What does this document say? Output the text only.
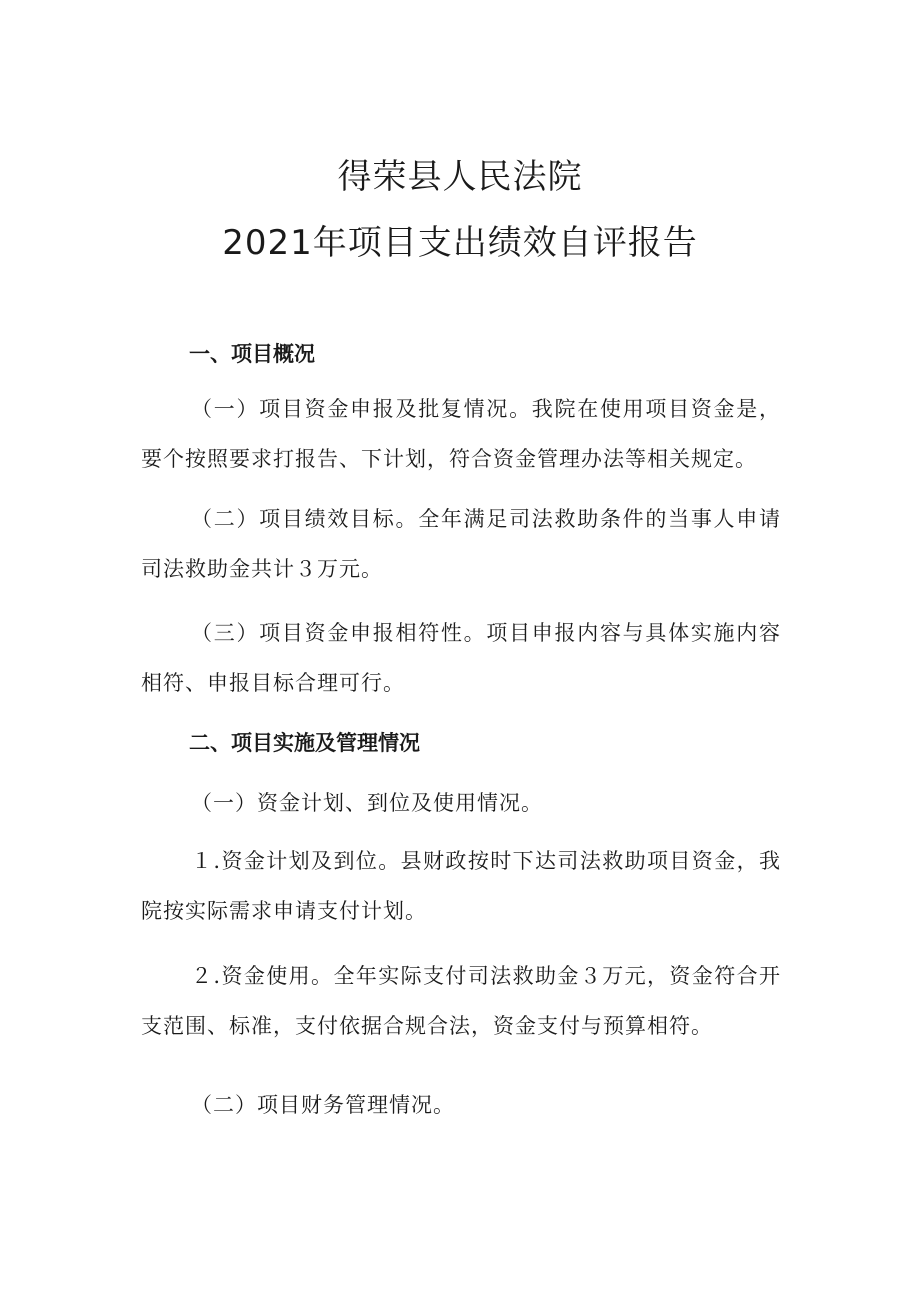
得荣县人民法院
2021年项目支出绩效自评报告
一、项目概况
（一）项目资金申报及批复情况。我院在使用项目资金是，要个按照要求打报告、下计划，符合资金管理办法等相关规定。
（二）项目绩效目标。全年满足司法救助条件的当事人申请司法救助金共计３万元。
（三）项目资金申报相符性。项目申报内容与具体实施内容相符、申报目标合理可行。
二、项目实施及管理情况
（一）资金计划、到位及使用情况。
１.资金计划及到位。县财政按时下达司法救助项目资金，我院按实际需求申请支付计划。
２.资金使用。全年实际支付司法救助金３万元，资金符合开支范围、标准，支付依据合规合法，资金支付与预算相符。
（二）项目财务管理情况。
